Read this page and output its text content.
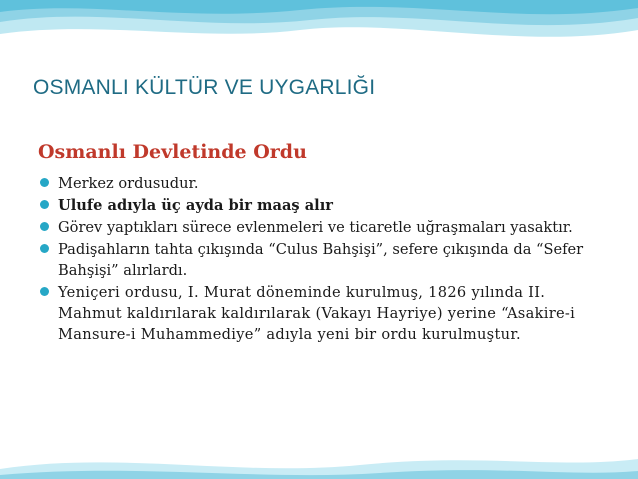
OSMANLI KÜLTÜR VE UYGARLIĞI
Osmanlı Devletinde Ordu
Merkez ordusudur.
Ulufe adıyla üç ayda bir maaş alır
Görev yaptıkları sürece evlenmeleri ve ticaretle uğraşmaları yasaktır.
Padişahların tahta çıkışında “Culus Bahşişi”, sefere çıkışında da “Sefer Bahşişi” alırlardı.
Yeniçeri ordusu, I. Murat döneminde kurulmuş, 1826 yılında II. Mahmut kaldırılarak kaldırılarak (Vakayı Hayriye) yerine “Asakire-i Mansure-i Muhammediye” adıyla yeni bir ordu kurulmuştur.
